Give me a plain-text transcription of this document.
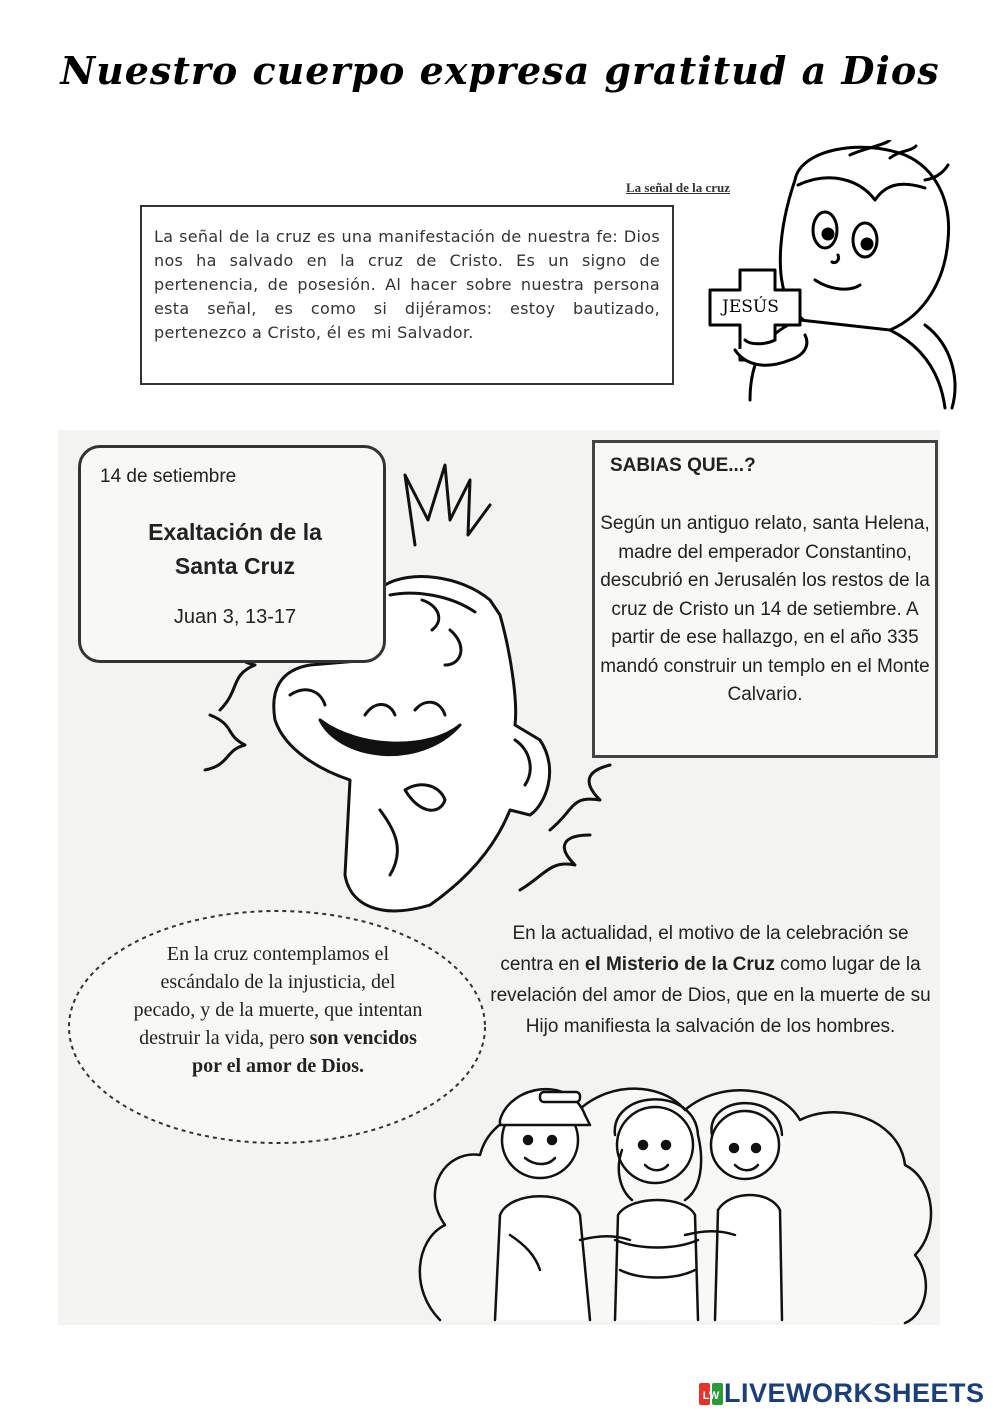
Nuestro cuerpo expresa gratitud a Dios
La señal de la cruz
La señal de la cruz es una manifestación de nuestra fe: Dios nos ha salvado en la cruz de Cristo. Es un signo de pertenencia, de posesión. Al hacer sobre nuestra persona esta señal, es como si dijéramos: estoy bautizado, pertenezco a Cristo, él es mi Salvador.
JESÚS
14 de setiembre
Exaltación de la
Santa Cruz
Juan 3, 13-17
SABIAS QUE...?
Según un antiguo relato, santa Helena, madre del emperador Constantino, descubrió en Jerusalén los restos de la cruz de Cristo un 14 de setiembre. A partir de ese hallazgo, en el año 335 mandó construir un templo en el Monte Calvario.
En la cruz contemplamos el escándalo de la injusticia, del pecado, y de la muerte, que intentan destruir la vida, pero son vencidos por el amor de Dios.
En la actualidad, el motivo de la celebración se centra en el Misterio de la Cruz como lugar de la revelación del amor de Dios, que en la muerte de su Hijo manifiesta la salvación de los hombres.
LW LIVEWORKSHEETS
